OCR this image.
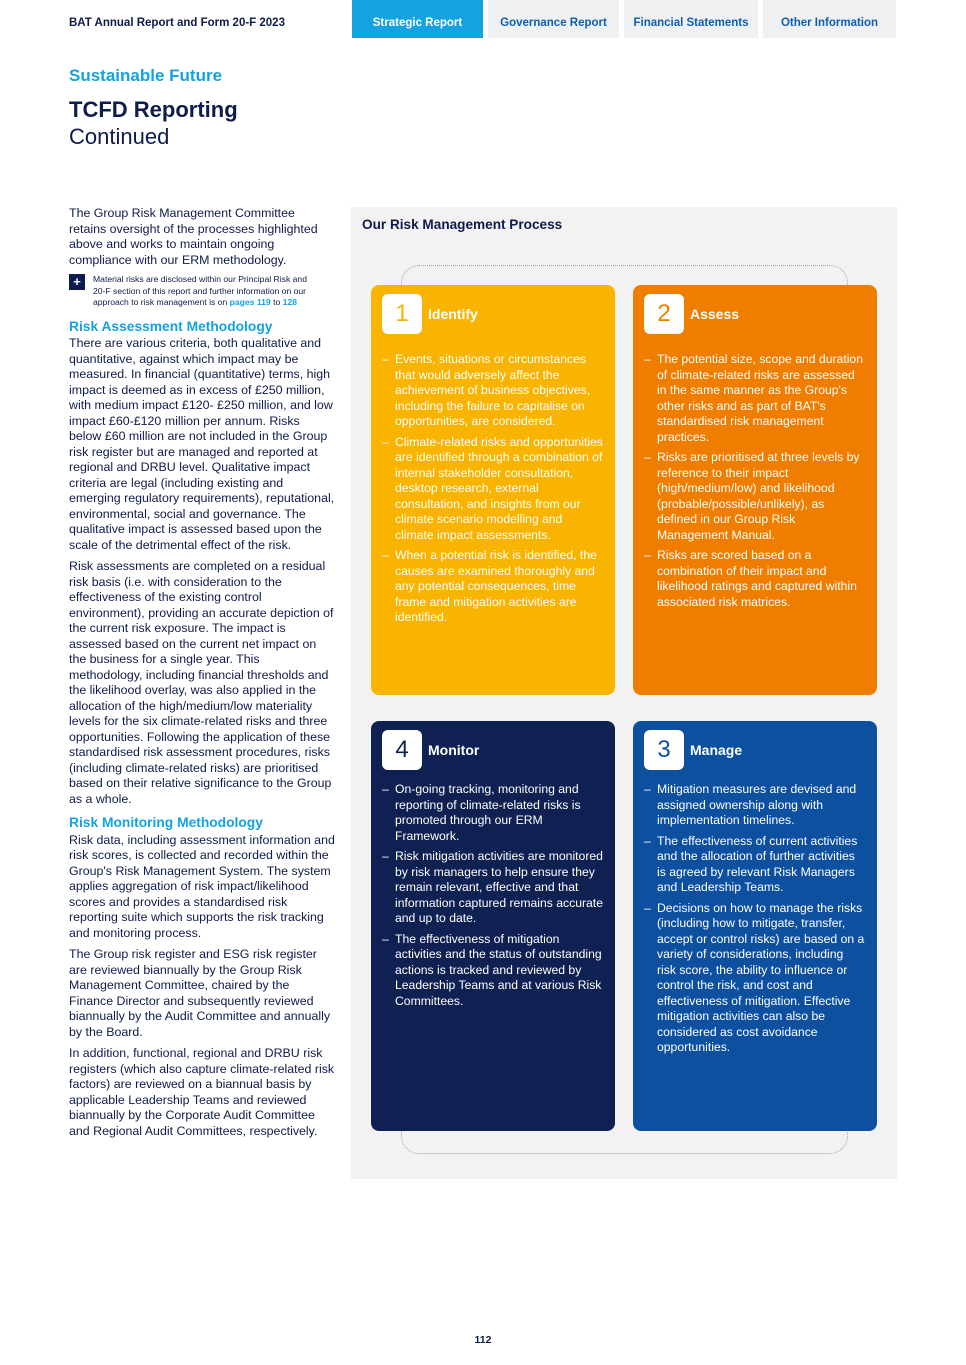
BAT Annual Report and Form 20-F 2023	Strategic Report	Governance Report	Financial Statements	Other Information
Sustainable Future
TCFD Reporting
Continued

The Group Risk Management Committee retains oversight of the processes highlighted above and works to maintain ongoing compliance with our ERM methodology.

+	Material risks are disclosed within our Principal Risk and 20-F section of this report and further information on our approach to risk management is on pages 119 to 128
Risk Assessment Methodology

There are various criteria, both qualitative and quantitative, against which impact may be measured. In financial (quantitative) terms, high impact is deemed as in excess of £250 million, with medium impact £120- £250 million, and low impact £60-£120 million per annum. Risks below £60 million are not included in the Group risk register but are managed and reported at regional and DRBU level. Qualitative impact criteria are legal (including existing and emerging regulatory requirements), reputational, environmental, social and governance. The qualitative impact is assessed based upon the scale of the detrimental effect of the risk.

Risk assessments are completed on a residual risk basis (i.e. with consideration to the effectiveness of the existing control environment), providing an accurate depiction of the current risk exposure. The impact is assessed based on the current net impact on the business for a single year. This methodology, including financial thresholds and the likelihood overlay, was also applied in the allocation of the high/medium/low materiality levels for the six climate-related risks and three opportunities. Following the application of these standardised risk assessment procedures, risks (including climate-related risks) are prioritised based on their relative significance to the Group as a whole.

Risk Monitoring Methodology

Risk data, including assessment information and risk scores, is collected and recorded within the Group's Risk Management System. The system applies aggregation of risk impact/likelihood scores and provides a standardised risk reporting suite which supports the risk tracking and monitoring process.

The Group risk register and ESG risk register are reviewed biannually by the Group Risk Management Committee, chaired by the Finance Director and subsequently reviewed biannually by the Audit Committee and annually by the Board.

In addition, functional, regional and DRBU risk registers (which also capture climate-related risk factors) are reviewed on a biannual basis by applicable Leadership Teams and reviewed biannually by the Corporate Audit Committee and Regional Audit Committees, respectively.

Our Risk Management Process
1	Identify
– Events, situations or circumstances that would adversely affect the achievement of business objectives, including the failure to capitalise on opportunities, are considered.
– Climate-related risks and opportunities are identified through a combination of internal stakeholder consultation, desktop research, external consultation, and insights from our climate scenario modelling and climate impact assessments.
– When a potential risk is identified, the causes are examined thoroughly and any potential consequences, time frame and mitigation activities are identified.
2	Assess
– The potential size, scope and duration of climate-related risks are assessed in the same manner as the Group's other risks and as part of BAT's standardised risk management practices.
– Risks are prioritised at three levels by reference to their impact (high/medium/low) and likelihood (probable/possible/unlikely), as defined in our Group Risk Management Manual.
– Risks are scored based on a combination of their impact and likelihood ratings and captured within associated risk matrices.
4	Monitor
– On-going tracking, monitoring and reporting of climate-related risks is promoted through our ERM Framework.
– Risk mitigation activities are monitored by risk managers to help ensure they remain relevant, effective and that information captured remains accurate and up to date.
– The effectiveness of mitigation activities and the status of outstanding actions is tracked and reviewed by Leadership Teams and at various Risk Committees.
3	Manage
– Mitigation measures are devised and assigned ownership along with implementation timelines.
– The effectiveness of current activities and the allocation of further activities is agreed by relevant Risk Managers and Leadership Teams.
– Decisions on how to manage the risks (including how to mitigate, transfer, accept or control risks) are based on a variety of considerations, including risk score, the ability to influence or control the risk, and cost and effectiveness of mitigation. Effective mitigation activities can also be considered as cost avoidance opportunities.
112
